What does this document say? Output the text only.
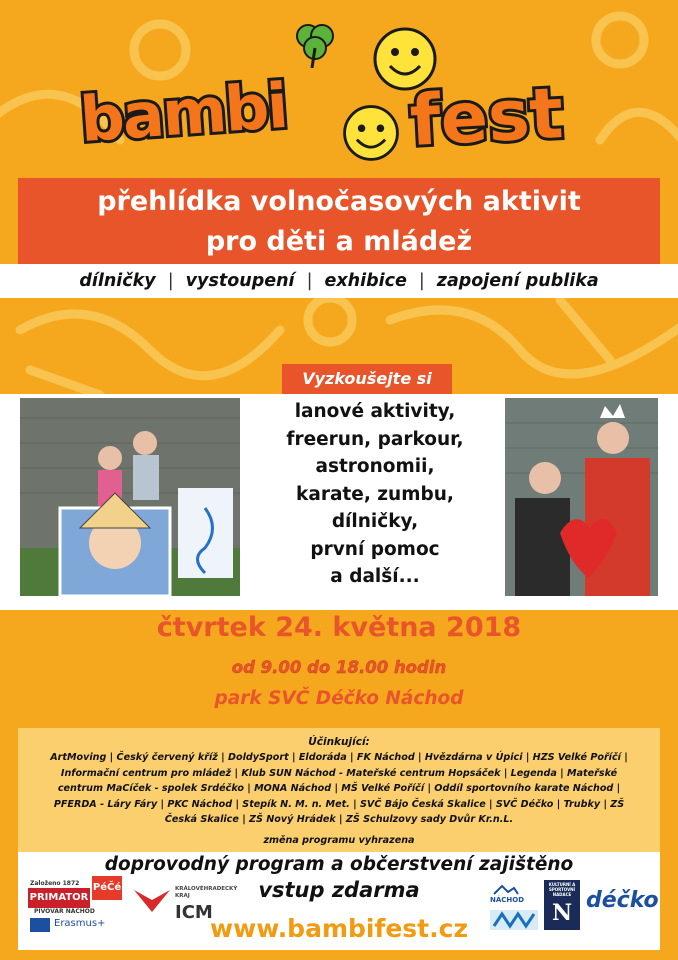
bambi fest
přehlídka volnočasových aktivit
pro děti a mládež
dílničky | vystoupení | exhibice | zapojení publika
Vyzkoušejte si
lanové aktivity,
freerun, parkour,
astronomii,
karate, zumbu,
dílničky,
první pomoc
a další...
čtvrtek 24. května 2018
od 9.00 do 18.00 hodin
park SVČ Déčko Náchod
Účinkující:
ArtMoving | Český červený kříž | DoldySport | Eldoráda | FK Náchod | Hvězdárna v Úpici | HZS Velké Poříčí |
Informační centrum pro mládež | Klub SUN Náchod - Mateřské centrum Hopsáček | Legenda | Mateřské
centrum MaCíček - spolek Srdéčko | MONA Náchod | MŠ Velké Poříčí | Oddíl sportovního karate Náchod |
PFERDA - Láry Fáry | PKC Náchod | Stepík N. M. n. Met. | SVČ Bájo Česká Skalice | SVČ Déčko | Trubky | ZŠ
Česká Skalice | ZŠ Nový Hrádek | ZŠ Schulzovy sady Dvůr Kr.n.L.
změna programu vyhrazena
doprovodný program a občerstvení zajištěno
vstup zdarma
www.bambifest.cz
Založeno 1872
PRIMATOR
PIVOVAR NÁCHOD
PéČé	KRÁLOVÉHRADECKÝ KRAJ
Erasmus+
ICM
NÁCHOD
KULTURNÍ A SPORTOVNÍ NADACE
N déčko
